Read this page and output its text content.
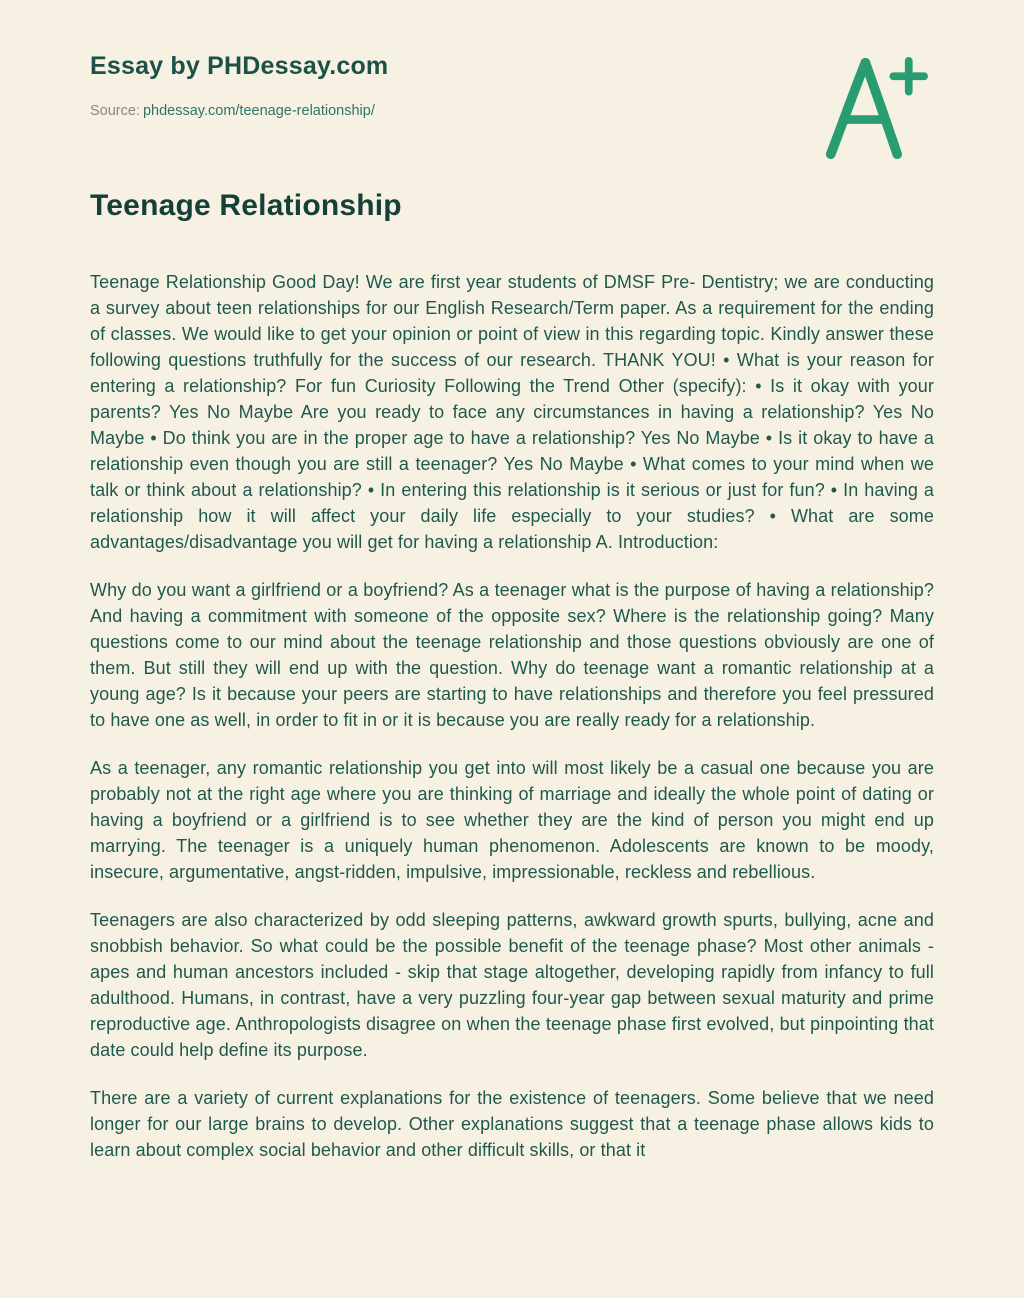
Essay by PHDessay.com
Source: phdessay.com/teenage-relationship/
Teenage Relationship

Teenage Relationship Good Day! We are first year students of DMSF Pre- Dentistry; we are conducting a survey about teen relationships for our English Research/Term paper. As a requirement for the ending of classes. We would like to get your opinion or point of view in this regarding topic. Kindly answer these following questions truthfully for the success of our research. THANK YOU! • What is your reason for entering a relationship? For fun Curiosity Following the Trend Other (specify): • Is it okay with your parents? Yes No Maybe Are you ready to face any circumstances in having a relationship? Yes No Maybe • Do think you are in the proper age to have a relationship? Yes No Maybe • Is it okay to have a relationship even though you are still a teenager? Yes No Maybe • What comes to your mind when we talk or think about a relationship? • In entering this relationship is it serious or just for fun? • In having a relationship how it will affect your daily life especially to your studies? • What are some advantages/disadvantage you will get for having a relationship A. Introduction:

Why do you want a girlfriend or a boyfriend? As a teenager what is the purpose of having a relationship? And having a commitment with someone of the opposite sex? Where is the relationship going? Many questions come to our mind about the teenage relationship and those questions obviously are one of them. But still they will end up with the question. Why do teenage want a romantic relationship at a young age? Is it because your peers are starting to have relationships and therefore you feel pressured to have one as well, in order to fit in or it is because you are really ready for a relationship.

As a teenager, any romantic relationship you get into will most likely be a casual one because you are probably not at the right age where you are thinking of marriage and ideally the whole point of dating or having a boyfriend or a girlfriend is to see whether they are the kind of person you might end up marrying. The teenager is a uniquely human phenomenon. Adolescents are known to be moody, insecure, argumentative, angst-ridden, impulsive, impressionable, reckless and rebellious.

Teenagers are also characterized by odd sleeping patterns, awkward growth spurts, bullying, acne and snobbish behavior. So what could be the possible benefit of the teenage phase? Most other animals - apes and human ancestors included - skip that stage altogether, developing rapidly from infancy to full adulthood. Humans, in contrast, have a very puzzling four-year gap between sexual maturity and prime reproductive age. Anthropologists disagree on when the teenage phase first evolved, but pinpointing that date could help define its purpose.

There are a variety of current explanations for the existence of teenagers. Some believe that we need longer for our large brains to develop. Other explanations suggest that a teenage phase allows kids to learn about complex social behavior and other difficult skills, or that it
